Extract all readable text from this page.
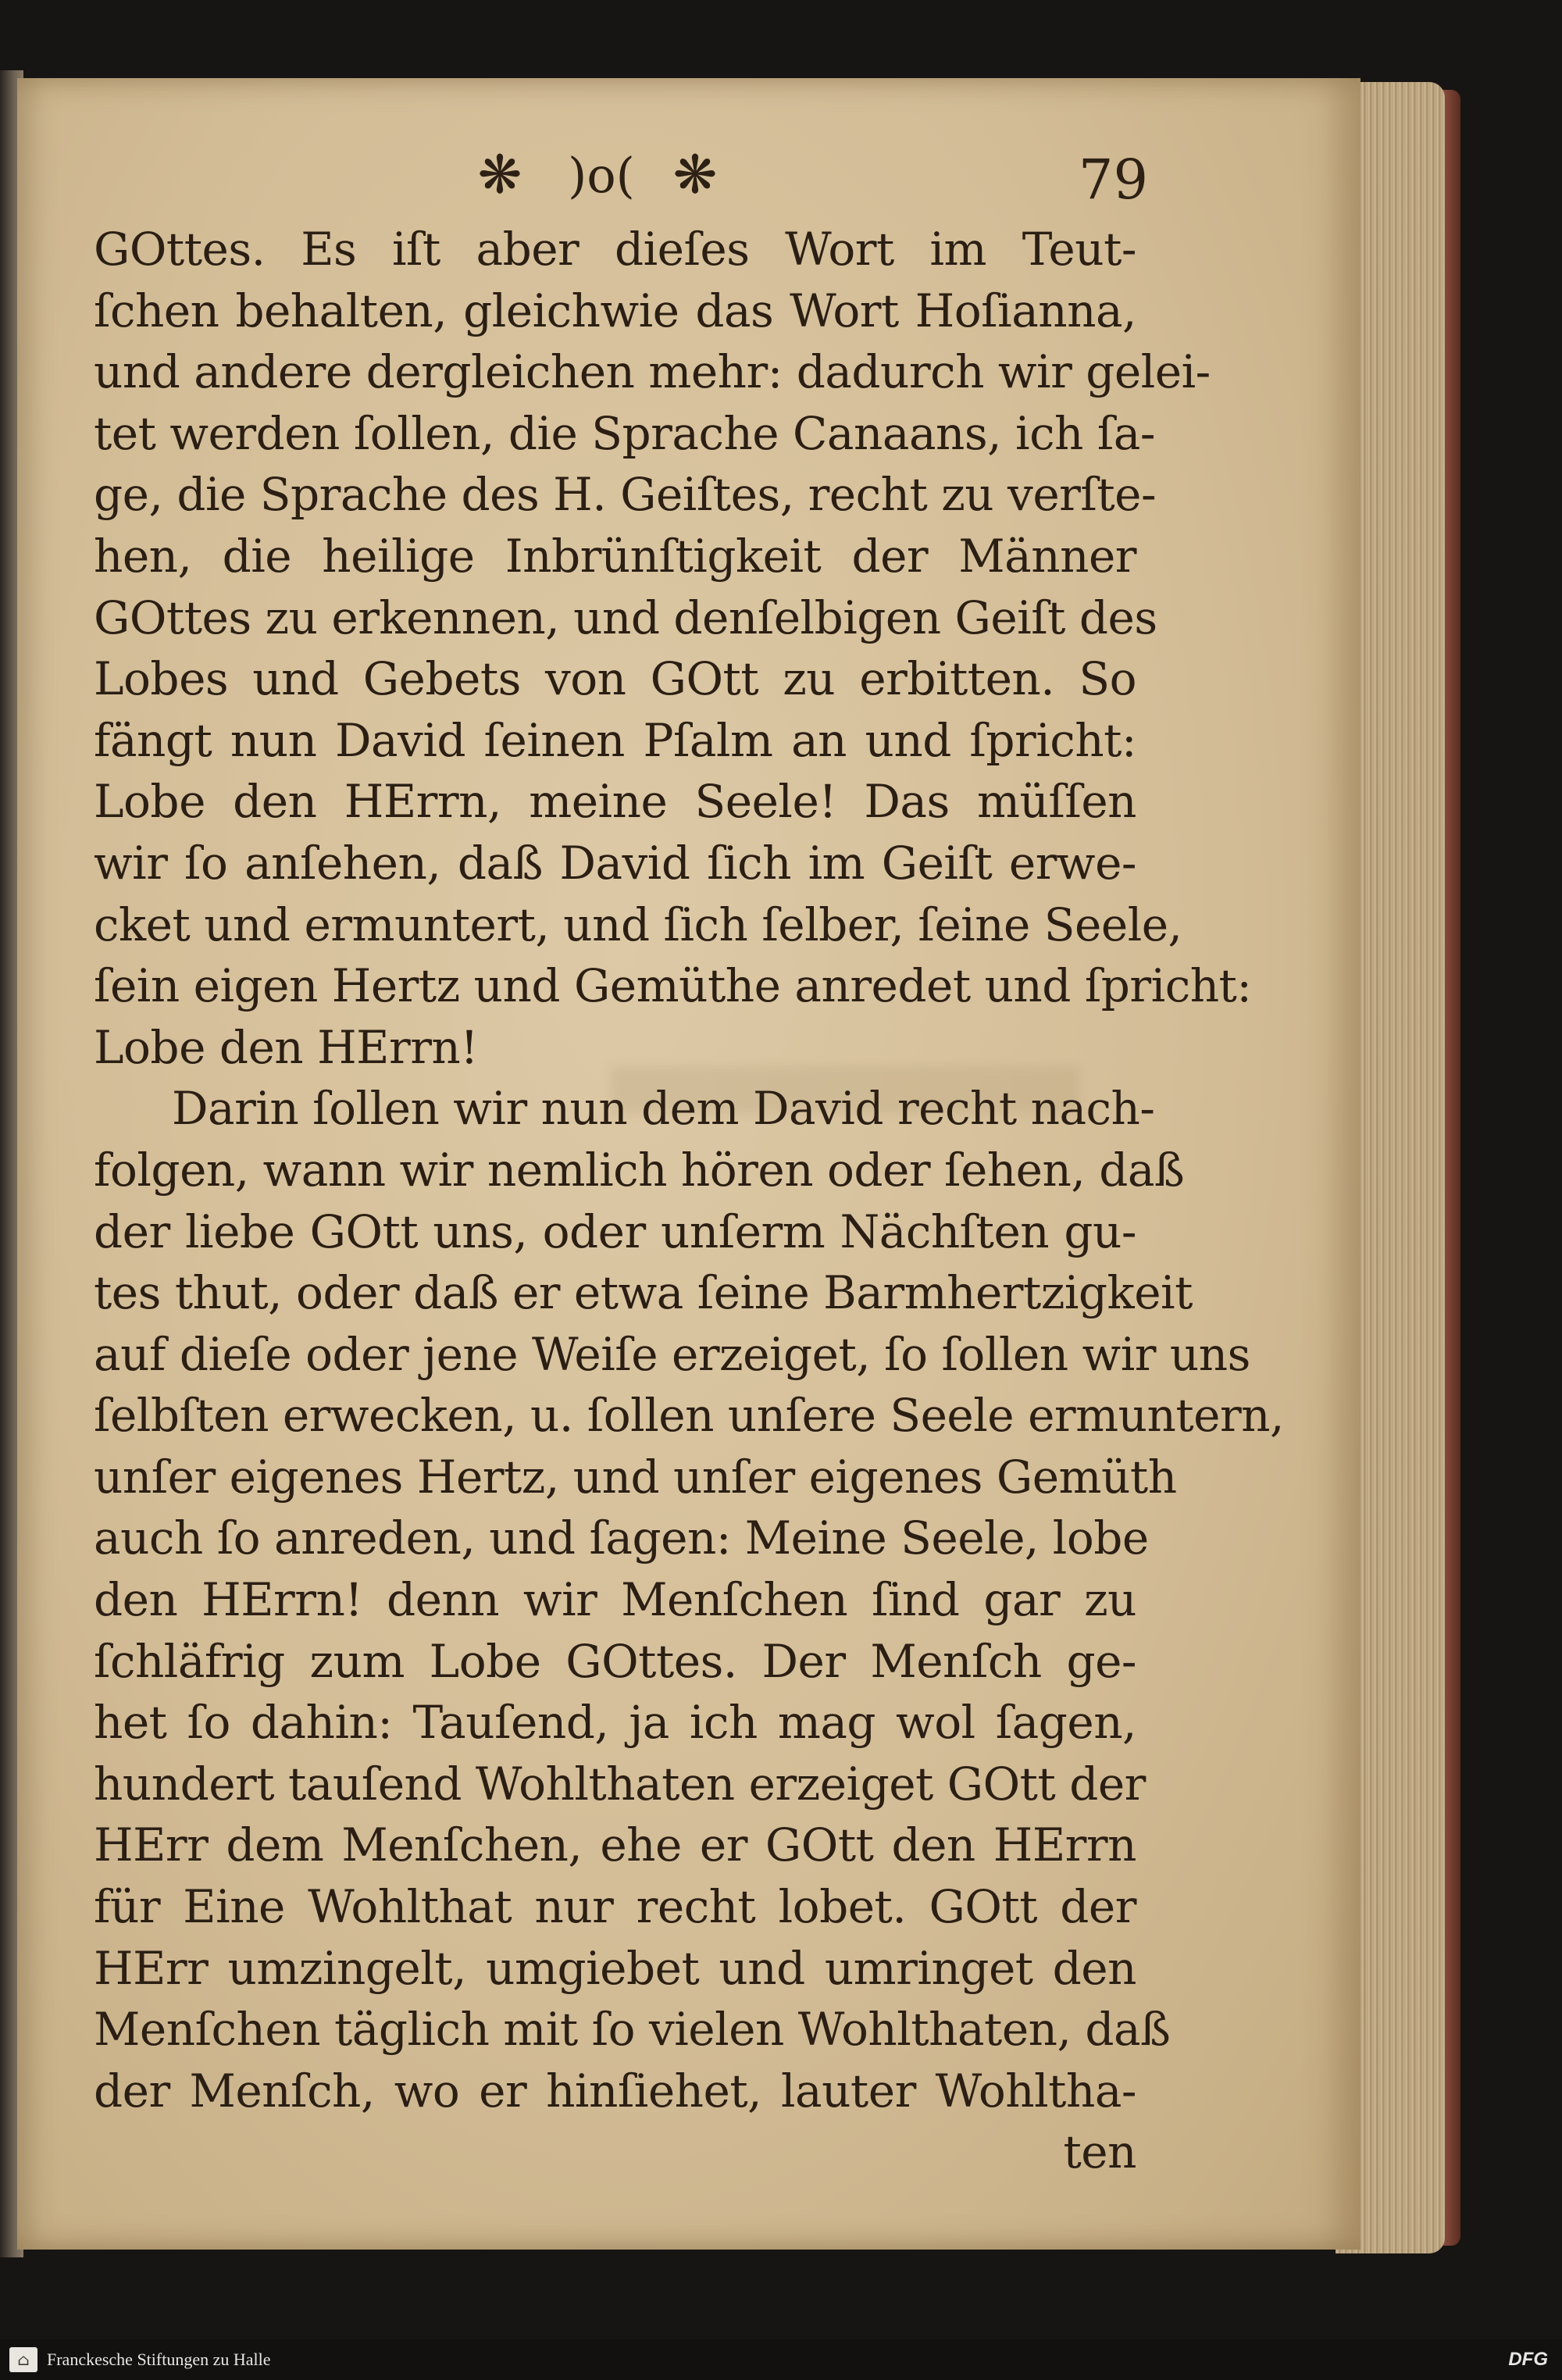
❋ )o( ❋	79
GOttes. Es iſt aber dieſes Wort im Teut-
ſchen behalten, gleichwie das Wort Hoſianna,
und andere dergleichen mehr: dadurch wir gelei-
tet werden ſollen, die Sprache Canaans, ich ſa-
ge, die Sprache des H. Geiſtes, recht zu verſte-
hen, die heilige Inbrünſtigkeit der Männer
GOttes zu erkennen, und denſelbigen Geiſt des
Lobes und Gebets von GOtt zu erbitten. So
fängt nun David ſeinen Pſalm an und ſpricht:
Lobe den HErrn, meine Seele! Das müſſen
wir ſo anſehen, daß David ſich im Geiſt erwe-
cket und ermuntert, und ſich ſelber, ſeine Seele,
ſein eigen Hertz und Gemüthe anredet und ſpricht:
Lobe den HErrn!
Darin ſollen wir nun dem David recht nach-
folgen, wann wir nemlich hören oder ſehen, daß
der liebe GOtt uns, oder unſerm Nächſten gu-
tes thut, oder daß er etwa ſeine Barmhertzigkeit
auf dieſe oder jene Weiſe erzeiget, ſo ſollen wir uns
ſelbſten erwecken, u. ſollen unſere Seele ermuntern,
unſer eigenes Hertz, und unſer eigenes Gemüth
auch ſo anreden, und ſagen: Meine Seele, lobe
den HErrn! denn wir Menſchen ſind gar zu
ſchläfrig zum Lobe GOttes. Der Menſch ge-
het ſo dahin: Tauſend, ja ich mag wol ſagen,
hundert tauſend Wohlthaten erzeiget GOtt der
HErr dem Menſchen, ehe er GOtt den HErrn
für Eine Wohlthat nur recht lobet. GOtt der
HErr umzingelt, umgiebet und umringet den
Menſchen täglich mit ſo vielen Wohlthaten, daß
der Menſch, wo er hinſiehet, lauter Wohltha-
ten
⌂	Franckesche Stiftungen zu Halle	DFG
